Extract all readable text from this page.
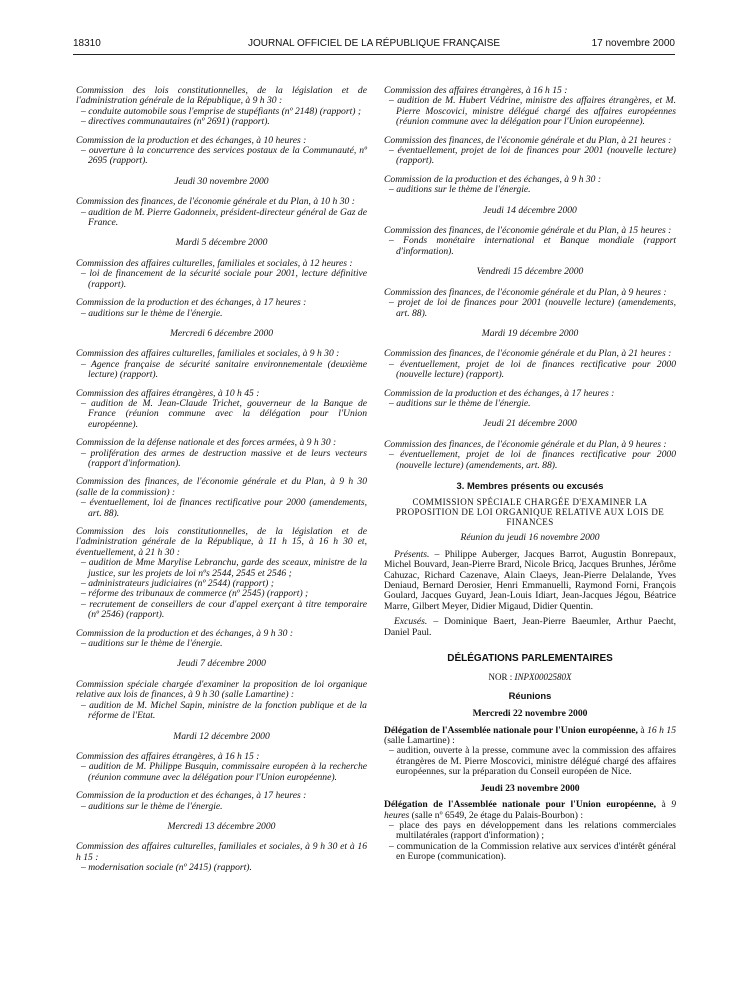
18310	JOURNAL OFFICIEL DE LA RÉPUBLIQUE FRANÇAISE	17 novembre 2000
Commission des lois constitutionnelles, de la législation et de l'administration générale de la République, à 9 h 30 :
– conduite automobile sous l'emprise de stupéfiants (nº 2148) (rapport) ;
– directives communautaires (nº 2691) (rapport).
Commission de la production et des échanges, à 10 heures :
– ouverture à la concurrence des services postaux de la Communauté, nº 2695 (rapport).
Jeudi 30 novembre 2000
Commission des finances, de l'économie générale et du Plan, à 10 h 30 :
– audition de M. Pierre Gadonneix, président-directeur général de Gaz de France.
Mardi 5 décembre 2000
Commission des affaires culturelles, familiales et sociales, à 12 heures :
– loi de financement de la sécurité sociale pour 2001, lecture définitive (rapport).
Commission de la production et des échanges, à 17 heures :
– auditions sur le thème de l'énergie.
Mercredi 6 décembre 2000
Commission des affaires culturelles, familiales et sociales, à 9 h 30 :
– Agence française de sécurité sanitaire environnementale (deuxième lecture) (rapport).
Commission des affaires étrangères, à 10 h 45 :
– audition de M. Jean-Claude Trichet, gouverneur de la Banque de France (réunion commune avec la délégation pour l'Union européenne).
Commission de la défense nationale et des forces armées, à 9 h 30 :
– prolifération des armes de destruction massive et de leurs vecteurs (rapport d'information).
Commission des finances, de l'économie générale et du Plan, à 9 h 30 (salle de la commission) :
– éventuellement, loi de finances rectificative pour 2000 (amendements, art. 88).
Commission des lois constitutionnelles, de la législation et de l'administration générale de la République, à 11 h 15, à 16 h 30 et, éventuellement, à 21 h 30 :
– audition de Mme Marylise Lebranchu, garde des sceaux, ministre de la justice, sur les projets de loi nºs 2544, 2545 et 2546 ;
– administrateurs judiciaires (nº 2544) (rapport) ;
– réforme des tribunaux de commerce (nº 2545) (rapport) ;
– recrutement de conseillers de cour d'appel exerçant à titre temporaire (nº 2546) (rapport).
Commission de la production et des échanges, à 9 h 30 :
– auditions sur le thème de l'énergie.
Jeudi 7 décembre 2000
Commission spéciale chargée d'examiner la proposition de loi organique relative aux lois de finances, à 9 h 30 (salle Lamartine) :
– audition de M. Michel Sapin, ministre de la fonction publique et de la réforme de l'Etat.
Mardi 12 décembre 2000
Commission des affaires étrangères, à 16 h 15 :
– audition de M. Philippe Busquin, commissaire européen à la recherche (réunion commune avec la délégation pour l'Union européenne).
Commission de la production et des échanges, à 17 heures :
– auditions sur le thème de l'énergie.
Mercredi 13 décembre 2000
Commission des affaires culturelles, familiales et sociales, à 9 h 30 et à 16 h 15 :
– modernisation sociale (nº 2415) (rapport).
Commission des affaires étrangères, à 16 h 15 :
– audition de M. Hubert Védrine, ministre des affaires étrangères, et M. Pierre Moscovici, ministre délégué chargé des affaires européennes (réunion commune avec la délégation pour l'Union européenne).
Commission des finances, de l'économie générale et du Plan, à 21 heures :
– éventuellement, projet de loi de finances pour 2001 (nouvelle lecture) (rapport).
Commission de la production et des échanges, à 9 h 30 :
– auditions sur le thème de l'énergie.
Jeudi 14 décembre 2000
Commission des finances, de l'économie générale et du Plan, à 15 heures :
– Fonds monétaire international et Banque mondiale (rapport d'information).
Vendredi 15 décembre 2000
Commission des finances, de l'économie générale et du Plan, à 9 heures :
– projet de loi de finances pour 2001 (nouvelle lecture) (amendements, art. 88).
Mardi 19 décembre 2000
Commission des finances, de l'économie générale et du Plan, à 21 heures :
– éventuellement, projet de loi de finances rectificative pour 2000 (nouvelle lecture) (rapport).
Commission de la production et des échanges, à 17 heures :
– auditions sur le thème de l'énergie.
Jeudi 21 décembre 2000
Commission des finances, de l'économie générale et du Plan, à 9 heures :
– éventuellement, projet de loi de finances rectificative pour 2000 (nouvelle lecture) (amendements, art. 88).
3. Membres présents ou excusés
COMMISSION SPÉCIALE CHARGÉE D'EXAMINER LA PROPOSITION DE LOI ORGANIQUE RELATIVE AUX LOIS DE FINANCES
Réunion du jeudi 16 novembre 2000
Présents. – Philippe Auberger, Jacques Barrot, Augustin Bonrepaux, Michel Bouvard, Jean-Pierre Brard, Nicole Bricq, Jacques Brunhes, Jérôme Cahuzac, Richard Cazenave, Alain Claeys, Jean-Pierre Delalande, Yves Deniaud, Bernard Derosier, Henri Emmanuelli, Raymond Forni, François Goulard, Jacques Guyard, Jean-Louis Idiart, Jean-Jacques Jégou, Béatrice Marre, Gilbert Meyer, Didier Migaud, Didier Quentin.
Excusés. – Dominique Baert, Jean-Pierre Baeumler, Arthur Paecht, Daniel Paul.
DÉLÉGATIONS PARLEMENTAIRES
NOR : INPX0002580X
Réunions
Mercredi 22 novembre 2000
Délégation de l'Assemblée nationale pour l'Union européenne, à 16 h 15 (salle Lamartine) :
– audition, ouverte à la presse, commune avec la commission des affaires étrangères de M. Pierre Moscovici, ministre délégué chargé des affaires européennes, sur la préparation du Conseil européen de Nice.
Jeudi 23 novembre 2000
Délégation de l'Assemblée nationale pour l'Union européenne, à 9 heures (salle nº 6549, 2e étage du Palais-Bourbon) :
– place des pays en développement dans les relations commerciales multilatérales (rapport d'information) ;
– communication de la Commission relative aux services d'intérêt général en Europe (communication).
